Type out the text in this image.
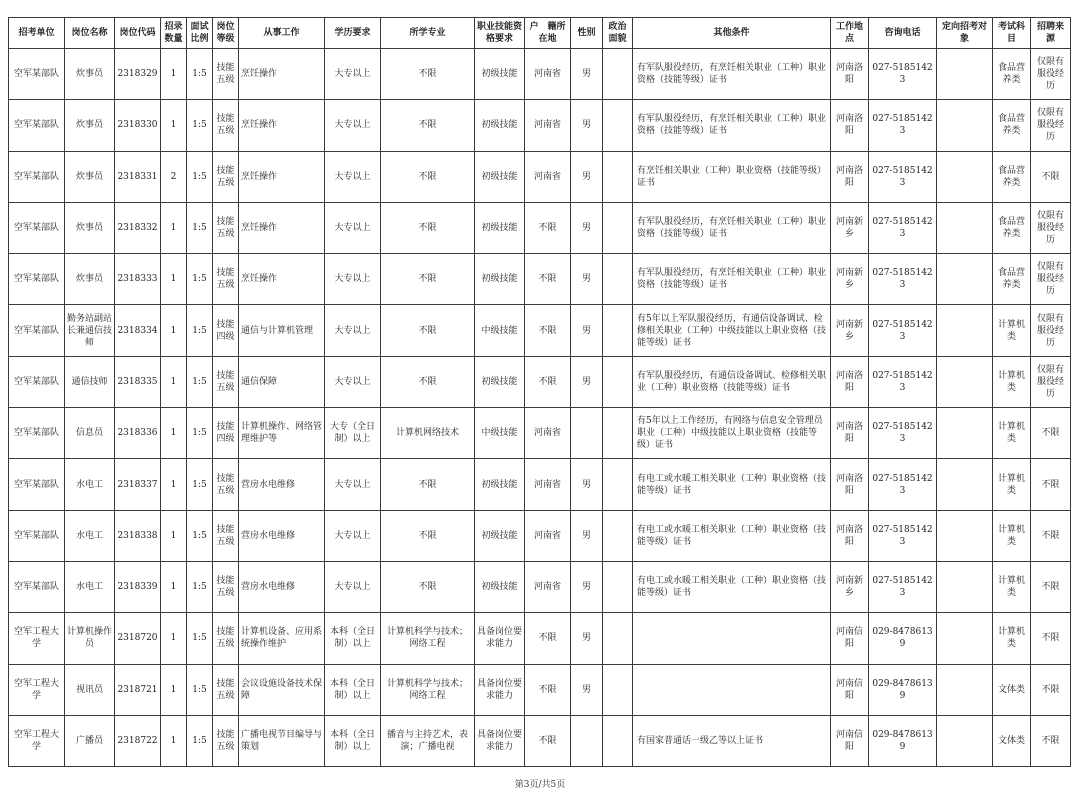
招考单位	岗位名称	岗位代码	招录数量	面试比例	岗位等级	从事工作	学历要求	所学专业	职业技能资格要求	户　籍所在地	性别	政治面貌	其他条件	工作地点	咨询电话	定向招考对象	考试科目	招聘来源
空军某部队	炊事员	2318329	1	1:5	技能五级	烹饪操作	大专以上	不限	初级技能	河南省	男		有军队服役经历，有烹饪相关职业（工种）职业资格（技能等级）证书	河南洛阳	027-51851423		食品营养类	仅限有服役经历
空军某部队	炊事员	2318330	1	1:5	技能五级	烹饪操作	大专以上	不限	初级技能	河南省	男		有军队服役经历，有烹饪相关职业（工种）职业资格（技能等级）证书	河南洛阳	027-51851423		食品营养类	仅限有服役经历
空军某部队	炊事员	2318331	2	1:5	技能五级	烹饪操作	大专以上	不限	初级技能	河南省	男		有烹饪相关职业（工种）职业资格（技能等级）证书	河南洛阳	027-51851423		食品营养类	不限
空军某部队	炊事员	2318332	1	1:5	技能五级	烹饪操作	大专以上	不限	初级技能	不限	男		有军队服役经历，有烹饪相关职业（工种）职业资格（技能等级）证书	河南新乡	027-51851423		食品营养类	仅限有服役经历
空军某部队	炊事员	2318333	1	1:5	技能五级	烹饪操作	大专以上	不限	初级技能	不限	男		有军队服役经历，有烹饪相关职业（工种）职业资格（技能等级）证书	河南新乡	027-51851423		食品营养类	仅限有服役经历
空军某部队	勤务站副站长兼通信技师	2318334	1	1:5	技能四级	通信与计算机管理	大专以上	不限	中级技能	不限	男		有5年以上军队服役经历，有通信设备调试、检修相关职业（工种）中级技能以上职业资格（技能等级）证书	河南新乡	027-51851423		计算机类	仅限有服役经历
空军某部队	通信技师	2318335	1	1:5	技能五级	通信保障	大专以上	不限	初级技能	不限	男		有军队服役经历，有通信设备调试、检修相关职业（工种）职业资格（技能等级）证书	河南洛阳	027-51851423		计算机类	仅限有服役经历
空军某部队	信息员	2318336	1	1:5	技能四级	计算机操作、网络管理维护等	大专（全日制）以上	计算机网络技术	中级技能	河南省			有5年以上工作经历，有网络与信息安全管理员职业（工种）中级技能以上职业资格（技能等级）证书	河南洛阳	027-51851423		计算机类	不限
空军某部队	水电工	2318337	1	1:5	技能五级	营房水电维修	大专以上	不限	初级技能	河南省	男		有电工或水暖工相关职业（工种）职业资格（技能等级）证书	河南洛阳	027-51851423		计算机类	不限
空军某部队	水电工	2318338	1	1:5	技能五级	营房水电维修	大专以上	不限	初级技能	河南省	男		有电工或水暖工相关职业（工种）职业资格（技能等级）证书	河南洛阳	027-51851423		计算机类	不限
空军某部队	水电工	2318339	1	1:5	技能五级	营房水电维修	大专以上	不限	初级技能	河南省	男		有电工或水暖工相关职业（工种）职业资格（技能等级）证书	河南新乡	027-51851423		计算机类	不限
空军工程大学	计算机操作员	2318720	1	1:5	技能五级	计算机设备、应用系统操作维护	本科（全日制）以上	计算机科学与技术；网络工程	具备岗位要求能力	不限	男			河南信阳	029-84786139		计算机类	不限
空军工程大学	视讯员	2318721	1	1:5	技能五级	会议设施设备技术保障	本科（全日制）以上	计算机科学与技术；网络工程	具备岗位要求能力	不限	男			河南信阳	029-84786139		文体类	不限
空军工程大学	广播员	2318722	1	1:5	技能五级	广播电视节目编导与策划	本科（全日制）以上	播音与主持艺术，表演；广播电视	具备岗位要求能力	不限			有国家普通话一级乙等以上证书	河南信阳	029-84786139		文体类	不限
第3页/共5页
